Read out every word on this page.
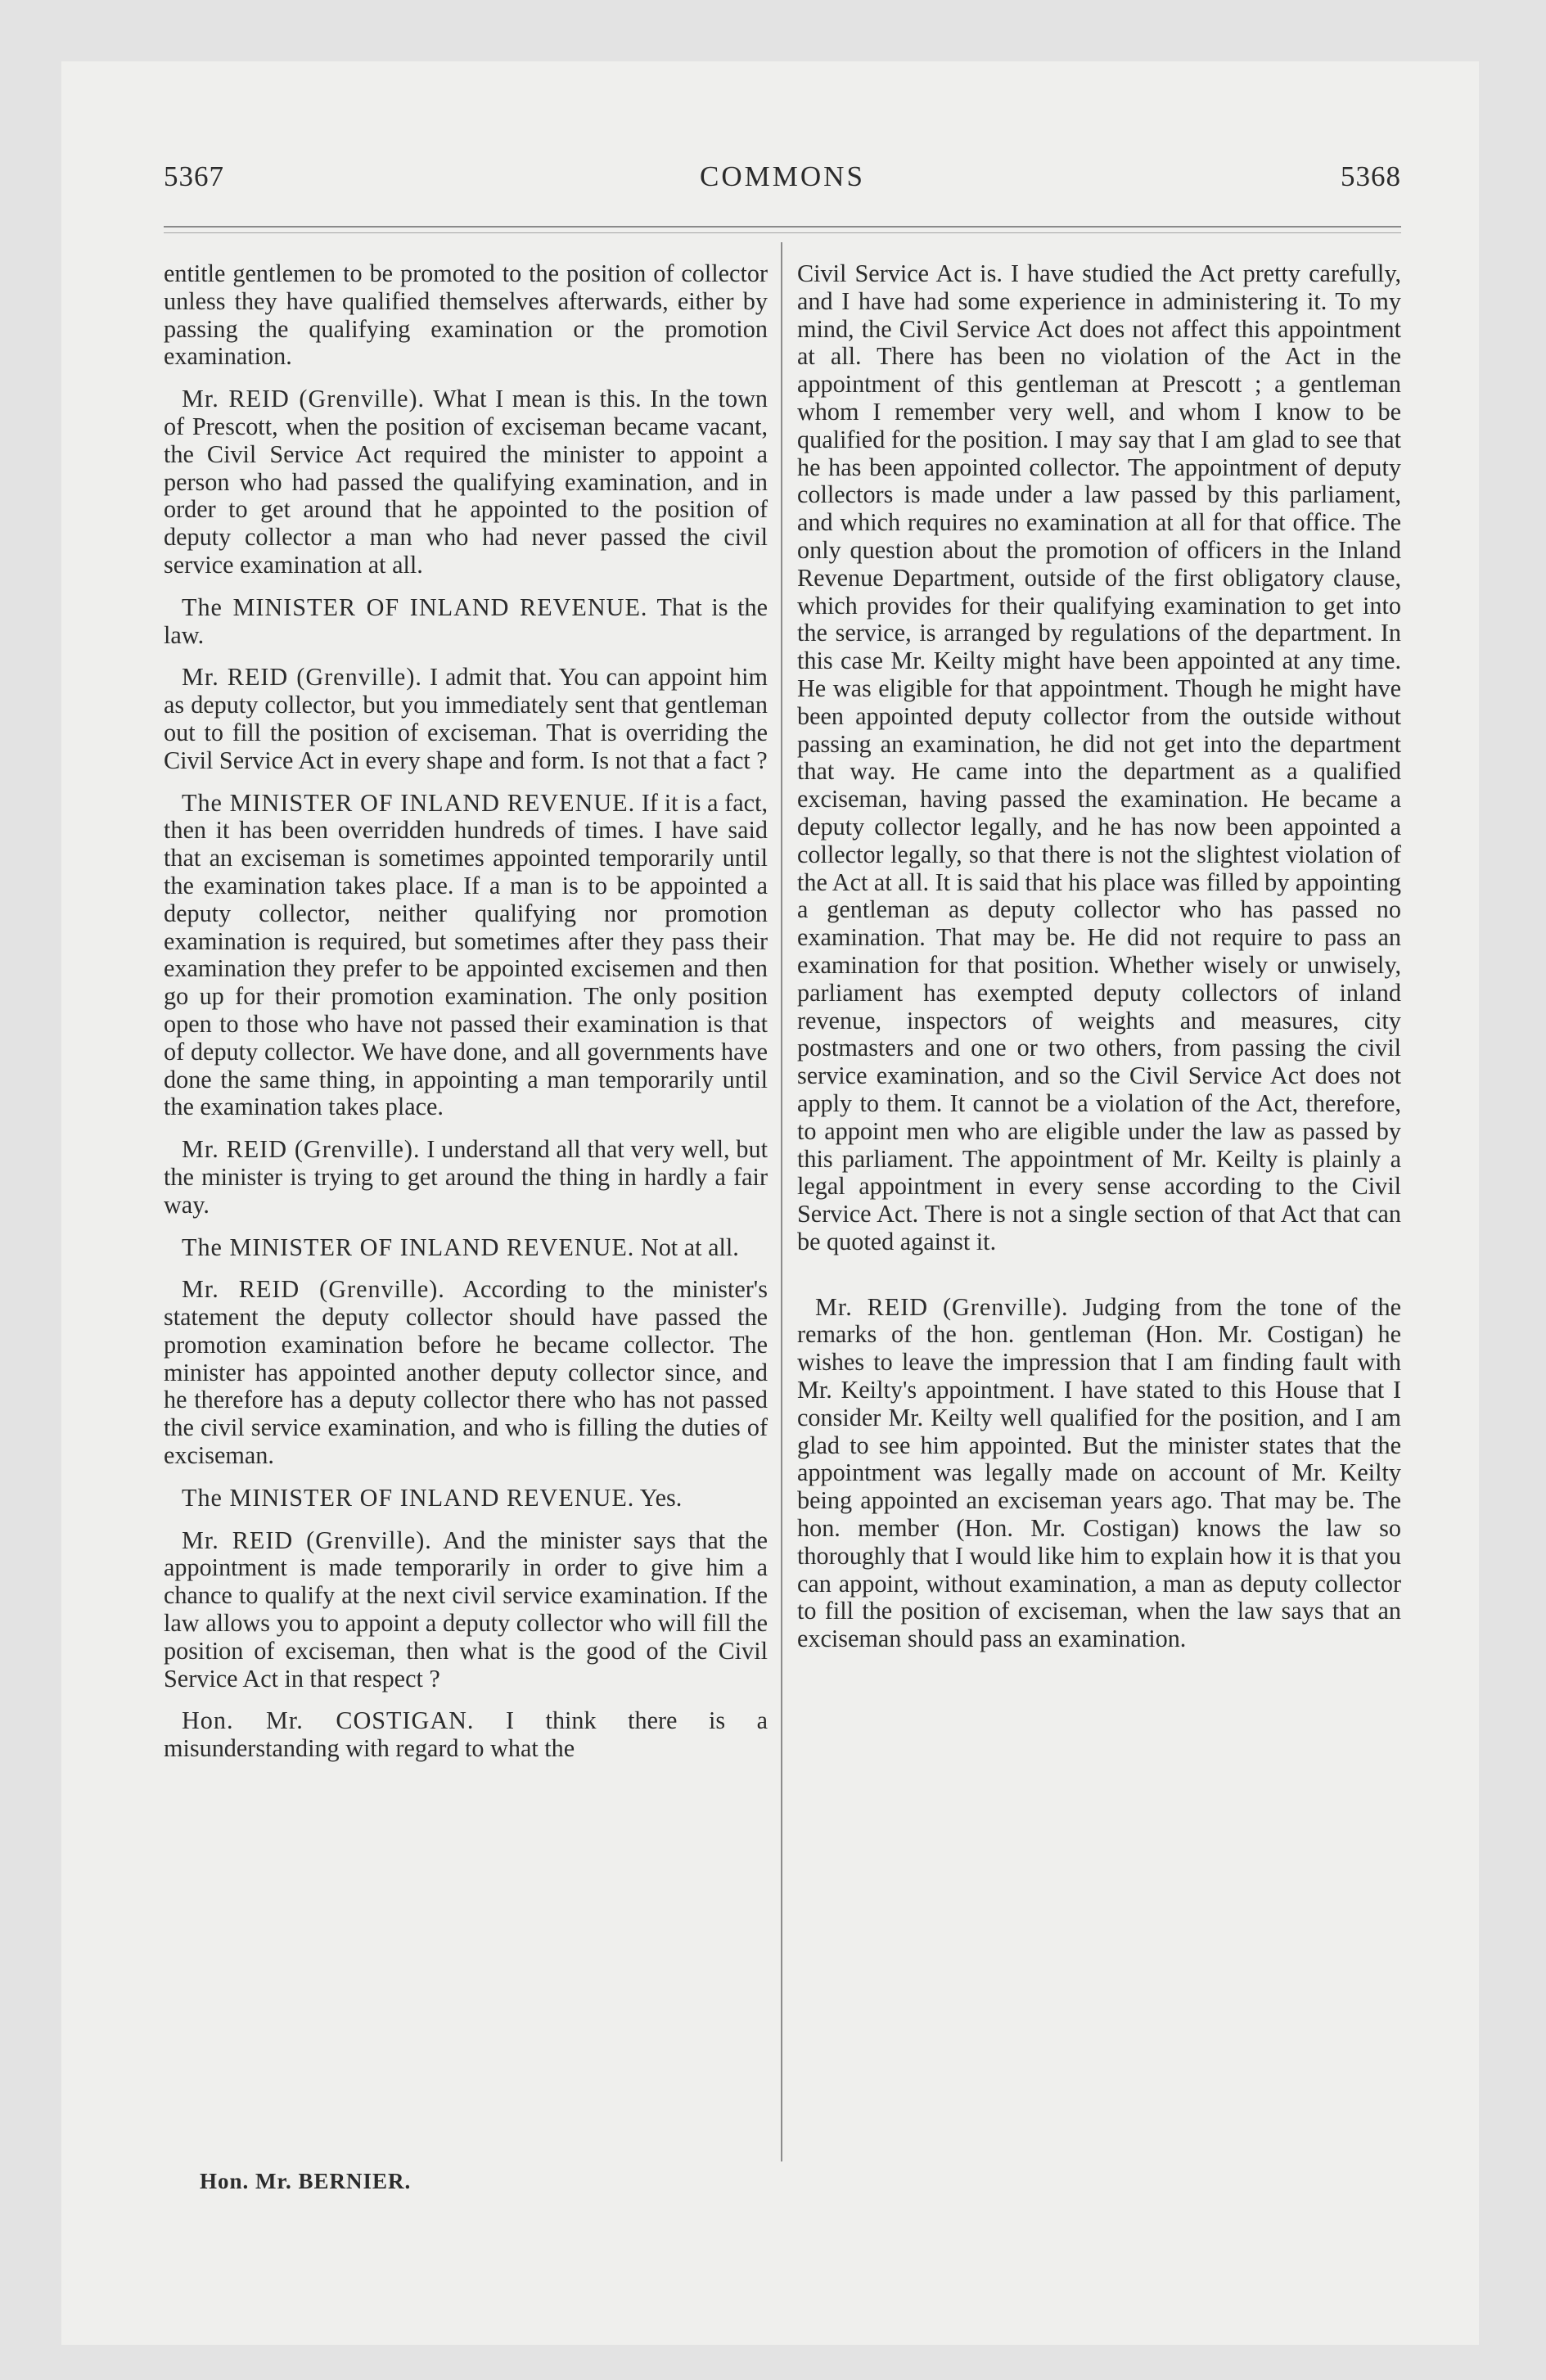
COMMONS
5367	5368

entitle gentlemen to be promoted to the position of collector unless they have qualified themselves afterwards, either by passing the qualifying examination or the promotion examination.

Mr. REID (Grenville). What I mean is this. In the town of Prescott, when the position of exciseman became vacant, the Civil Service Act required the minister to appoint a person who had passed the qualifying examination, and in order to get around that he appointed to the position of deputy collector a man who had never passed the civil service examination at all.

The MINISTER OF INLAND REVENUE. That is the law.

Mr. REID (Grenville). I admit that. You can appoint him as deputy collector, but you immediately sent that gentleman out to fill the position of exciseman. That is overriding the Civil Service Act in every shape and form. Is not that a fact ?

The MINISTER OF INLAND REVENUE. If it is a fact, then it has been overridden hundreds of times. I have said that an exciseman is sometimes appointed temporarily until the examination takes place. If a man is to be appointed a deputy collector, neither qualifying nor promotion examination is required, but sometimes after they pass their examination they prefer to be appointed excisemen and then go up for their promotion examination. The only position open to those who have not passed their examination is that of deputy collector. We have done, and all governments have done the same thing, in appointing a man temporarily until the examination takes place.

Mr. REID (Grenville). I understand all that very well, but the minister is trying to get around the thing in hardly a fair way.

The MINISTER OF INLAND REVENUE. Not at all.

Mr. REID (Grenville). According to the minister's statement the deputy collector should have passed the promotion examination before he became collector. The minister has appointed another deputy collector since, and he therefore has a deputy collector there who has not passed the civil service examination, and who is filling the duties of exciseman.

The MINISTER OF INLAND REVENUE. Yes.

Mr. REID (Grenville). And the minister says that the appointment is made temporarily in order to give him a chance to qualify at the next civil service examination. If the law allows you to appoint a deputy collector who will fill the position of exciseman, then what is the good of the Civil Service Act in that respect ?

Hon. Mr. COSTIGAN. I think there is a misunderstanding with regard to what the

Civil Service Act is. I have studied the Act pretty carefully, and I have had some experience in administering it. To my mind, the Civil Service Act does not affect this appointment at all. There has been no violation of the Act in the appointment of this gentleman at Prescott ; a gentleman whom I remember very well, and whom I know to be qualified for the position. I may say that I am glad to see that he has been appointed collector. The appointment of deputy collectors is made under a law passed by this parliament, and which requires no examination at all for that office. The only question about the promotion of officers in the Inland Revenue Department, outside of the first obligatory clause, which provides for their qualifying examination to get into the service, is arranged by regulations of the department. In this case Mr. Keilty might have been appointed at any time. He was eligible for that appointment. Though he might have been appointed deputy collector from the outside without passing an examination, he did not get into the department that way. He came into the department as a qualified exciseman, having passed the examination. He became a deputy collector legally, and he has now been appointed a collector legally, so that there is not the slightest violation of the Act at all. It is said that his place was filled by appointing a gentleman as deputy collector who has passed no examination. That may be. He did not require to pass an examination for that position. Whether wisely or unwisely, parliament has exempted deputy collectors of inland revenue, inspectors of weights and measures, city postmasters and one or two others, from passing the civil service examination, and so the Civil Service Act does not apply to them. It cannot be a violation of the Act, therefore, to appoint men who are eligible under the law as passed by this parliament. The appointment of Mr. Keilty is plainly a legal appointment in every sense according to the Civil Service Act. There is not a single section of that Act that can be quoted against it.

Mr. REID (Grenville). Judging from the tone of the remarks of the hon. gentleman (Hon. Mr. Costigan) he wishes to leave the impression that I am finding fault with Mr. Keilty's appointment. I have stated to this House that I consider Mr. Keilty well qualified for the position, and I am glad to see him appointed. But the minister states that the appointment was legally made on account of Mr. Keilty being appointed an exciseman years ago. That may be. The hon. member (Hon. Mr. Costigan) knows the law so thoroughly that I would like him to explain how it is that you can appoint, without examination, a man as deputy collector to fill the position of exciseman, when the law says that an exciseman should pass an examination.

Hon. Mr. BERNIER.
